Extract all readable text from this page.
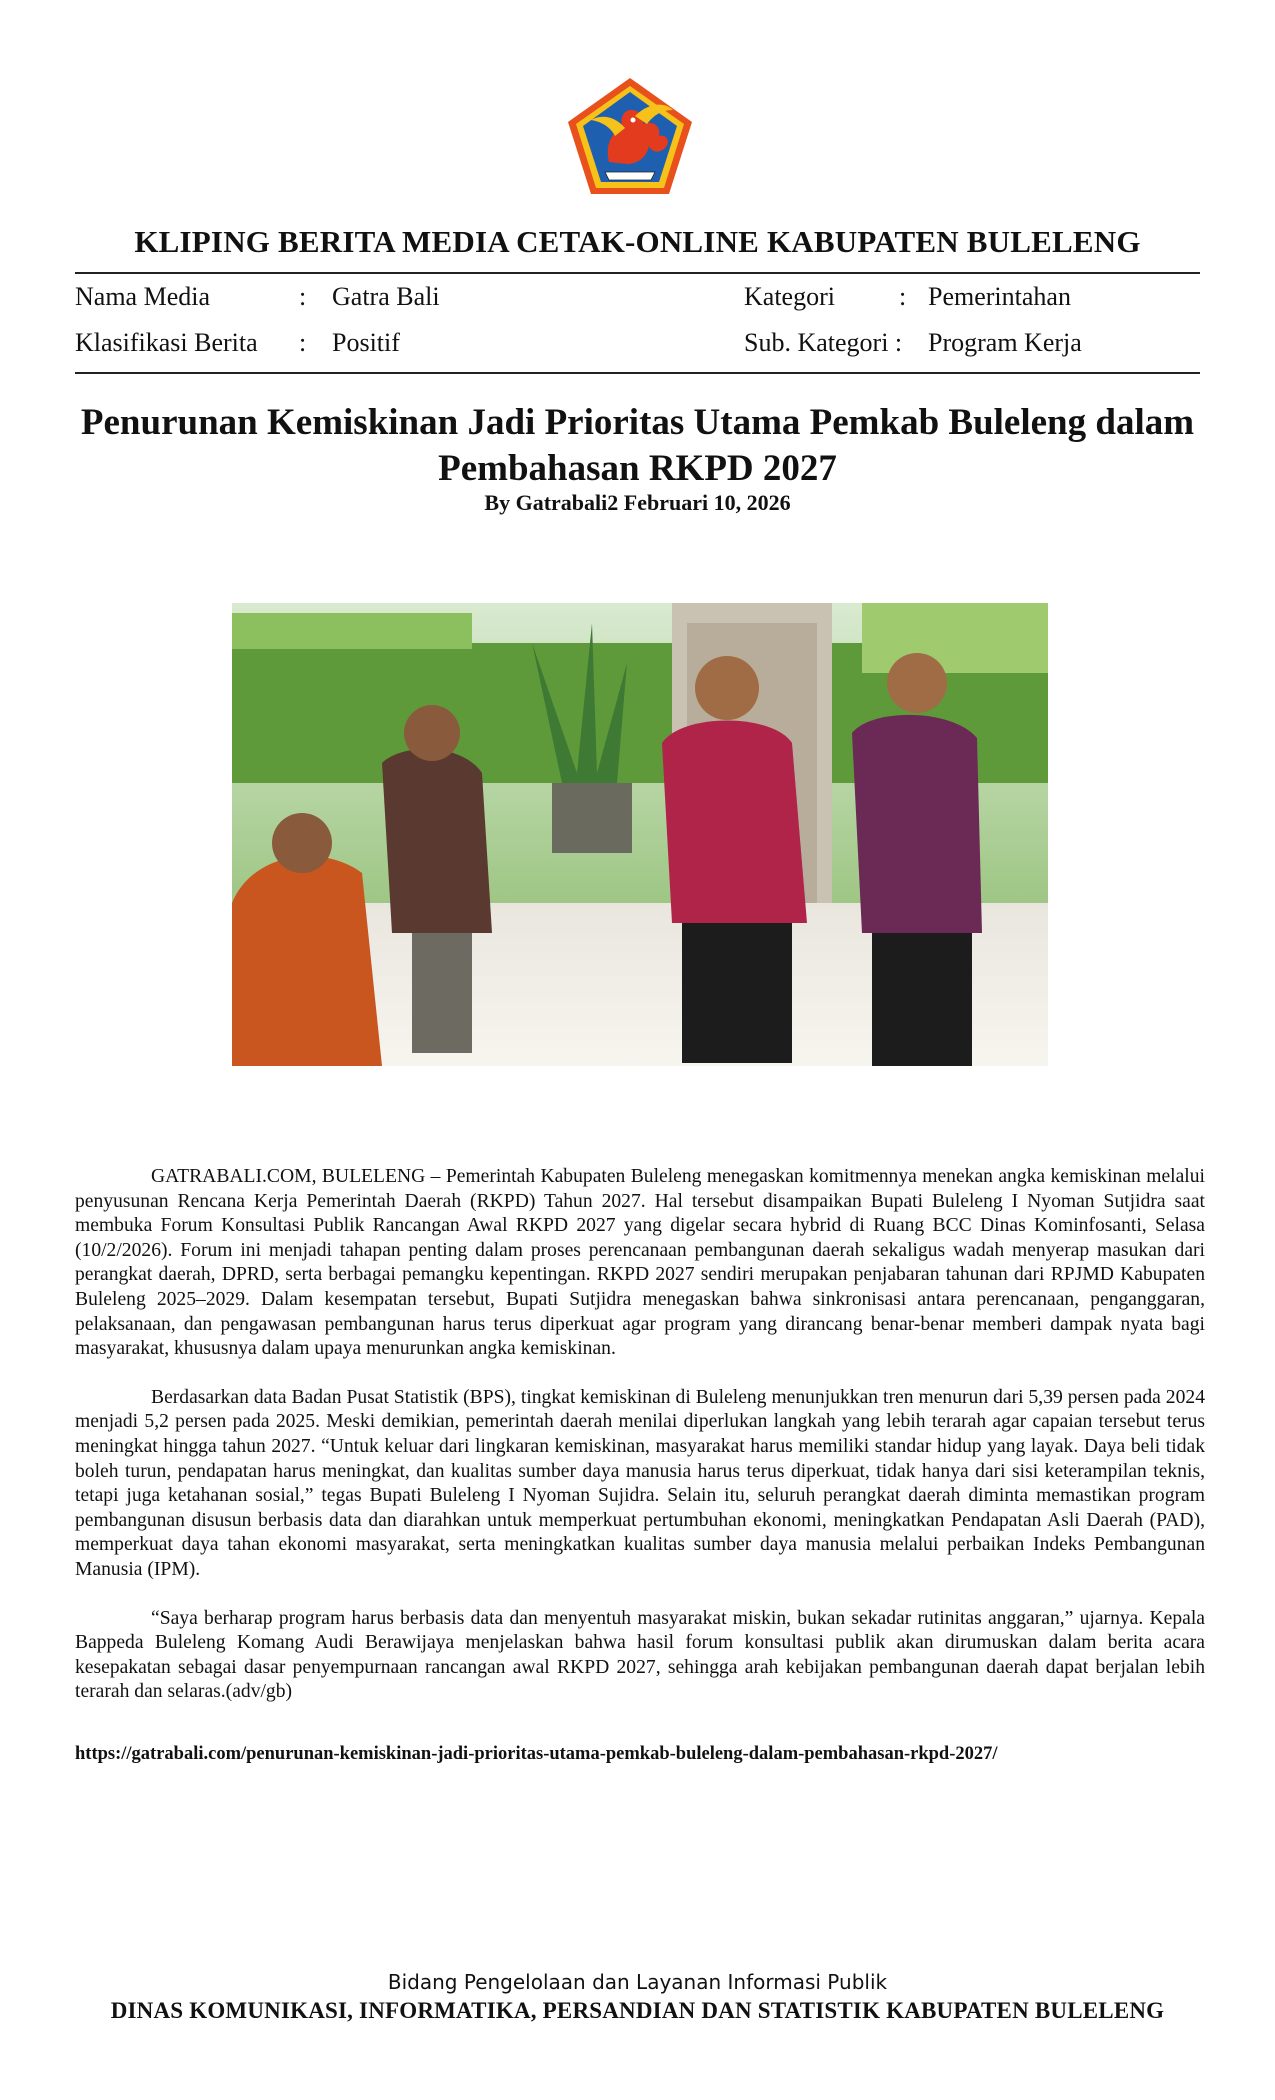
KLIPING BERITA MEDIA CETAK-ONLINE KABUPATEN BULELENG
Nama Media	: Gatra Bali
Klasifikasi Berita : Positif
Kategori : Pemerintahan
Sub. Kategori : Program Kerja
Penurunan Kemiskinan Jadi Prioritas Utama Pemkab Buleleng dalam Pembahasan RKPD 2027
By Gatrabali2 Februari 10, 2026

GATRABALI.COM, BULELENG – Pemerintah Kabupaten Buleleng menegaskan komitmennya menekan angka kemiskinan melalui penyusunan Rencana Kerja Pemerintah Daerah (RKPD) Tahun 2027. Hal tersebut disampaikan Bupati Buleleng I Nyoman Sutjidra saat membuka Forum Konsultasi Publik Rancangan Awal RKPD 2027 yang digelar secara hybrid di Ruang BCC Dinas Kominfosanti, Selasa (10/2/2026). Forum ini menjadi tahapan penting dalam proses perencanaan pembangunan daerah sekaligus wadah menyerap masukan dari perangkat daerah, DPRD, serta berbagai pemangku kepentingan. RKPD 2027 sendiri merupakan penjabaran tahunan dari RPJMD Kabupaten Buleleng 2025–2029. Dalam kesempatan tersebut, Bupati Sutjidra menegaskan bahwa sinkronisasi antara perencanaan, penganggaran, pelaksanaan, dan pengawasan pembangunan harus terus diperkuat agar program yang dirancang benar-benar memberi dampak nyata bagi masyarakat, khususnya dalam upaya menurunkan angka kemiskinan.

Berdasarkan data Badan Pusat Statistik (BPS), tingkat kemiskinan di Buleleng menunjukkan tren menurun dari 5,39 persen pada 2024 menjadi 5,2 persen pada 2025. Meski demikian, pemerintah daerah menilai diperlukan langkah yang lebih terarah agar capaian tersebut terus meningkat hingga tahun 2027. “Untuk keluar dari lingkaran kemiskinan, masyarakat harus memiliki standar hidup yang layak. Daya beli tidak boleh turun, pendapatan harus meningkat, dan kualitas sumber daya manusia harus terus diperkuat, tidak hanya dari sisi keterampilan teknis, tetapi juga ketahanan sosial,” tegas Bupati Buleleng I Nyoman Sujidra. Selain itu, seluruh perangkat daerah diminta memastikan program pembangunan disusun berbasis data dan diarahkan untuk memperkuat pertumbuhan ekonomi, meningkatkan Pendapatan Asli Daerah (PAD), memperkuat daya tahan ekonomi masyarakat, serta meningkatkan kualitas sumber daya manusia melalui perbaikan Indeks Pembangunan Manusia (IPM).

“Saya berharap program harus berbasis data dan menyentuh masyarakat miskin, bukan sekadar rutinitas anggaran,” ujarnya. Kepala Bappeda Buleleng Komang Audi Berawijaya menjelaskan bahwa hasil forum konsultasi publik akan dirumuskan dalam berita acara kesepakatan sebagai dasar penyempurnaan rancangan awal RKPD 2027, sehingga arah kebijakan pembangunan daerah dapat berjalan lebih terarah dan selaras.(adv/gb)

https://gatrabali.com/penurunan-kemiskinan-jadi-prioritas-utama-pemkab-buleleng-dalam-pembahasan-rkpd-2027/
Bidang Pengelolaan dan Layanan Informasi Publik
DINAS KOMUNIKASI, INFORMATIKA, PERSANDIAN DAN STATISTIK KABUPATEN BULELENG
